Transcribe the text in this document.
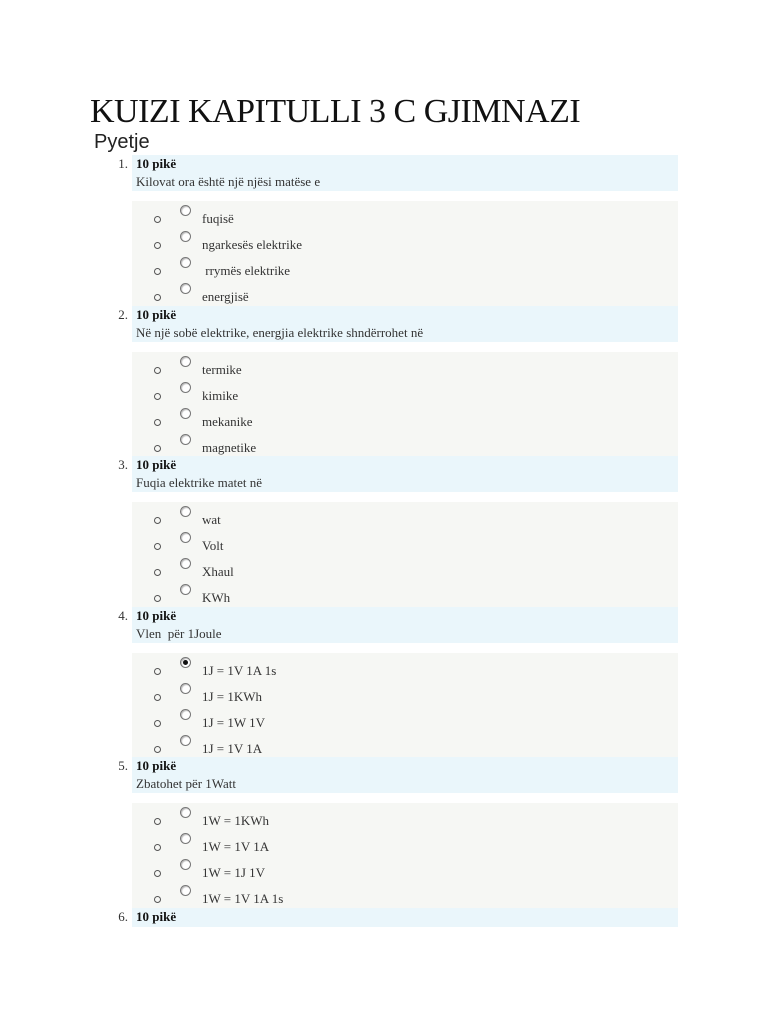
KUIZI KAPITULLI 3 C GJIMNAZI
Pyetje
1. 10 pikë
Kilovat ora është një njësi matëse e
fuqisë
ngarkesës elektrike
rrymës elektrike
energjisë
2. 10 pikë
Në një sobë elektrike, energjia elektrike shndërrohet në
termike
kimike
mekanike
magnetike
3. 10 pikë
Fuqia elektrike matet në
wat
Volt
Xhaul
KWh
4. 10 pikë
Vlen  për 1Joule
1J = 1V 1A 1s
1J = 1KWh
1J = 1W 1V
1J = 1V 1A
5. 10 pikë
Zbatohet për 1Watt
1W = 1KWh
1W = 1V 1A
1W = 1J 1V
1W = 1V 1A 1s
6. 10 pikë
